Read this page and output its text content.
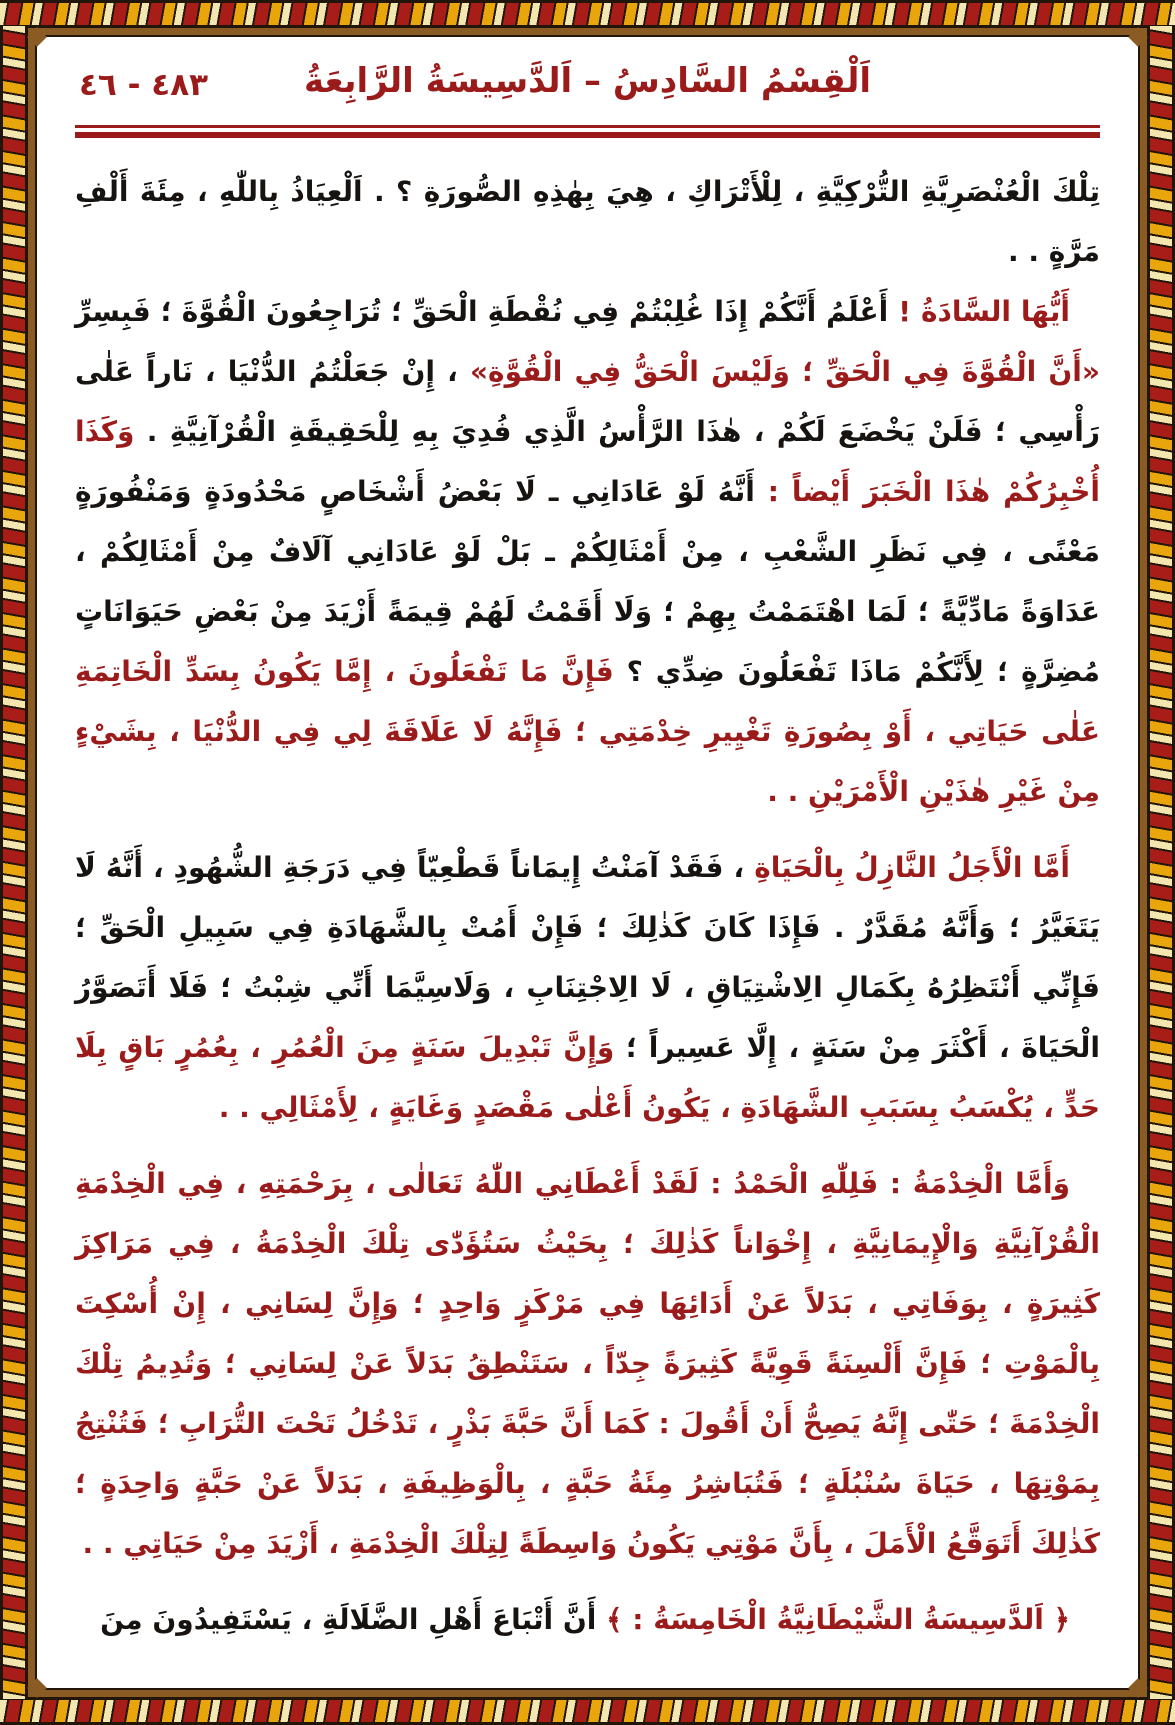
٤٨٣ - ٤٦	اَلْقِسْمُ السَّادِسُ – اَلدَّسِيسَةُ الرَّابِعَةُ

تِلْكَ الْعُنْصَرِيَّةِ التُّرْكِيَّةِ ، لِلْأَتْرَاكِ ، هِيَ بِهٰذِهِ الصُّورَةِ ؟ . اَلْعِيَاذُ بِاللّٰهِ ، مِئَةَ أَلْفِ مَرَّةٍ . .

أَيُّهَا السَّادَةُ ! أَعْلَمُ أَنَّكُمْ إِذَا غُلِبْتُمْ فِي نُقْطَةِ الْحَقِّ ؛ تُرَاجِعُونَ الْقُوَّةَ ؛ فَبِسِرِّ «أَنَّ الْقُوَّةَ فِي الْحَقِّ ؛ وَلَيْسَ الْحَقُّ فِي الْقُوَّةِ» ، إِنْ جَعَلْتُمُ الدُّنْيَا ، نَاراً عَلٰى رَأْسِي ؛ فَلَنْ يَخْضَعَ لَكُمْ ، هٰذَا الرَّأْسُ الَّذِي فُدِيَ بِهِ لِلْحَقِيقَةِ الْقُرْآنِيَّةِ . وَكَذَا أُخْبِرُكُمْ هٰذَا الْخَبَرَ أَيْضاً : أَنَّهُ لَوْ عَادَانِي ـ لَا بَعْضُ أَشْخَاصٍ مَحْدُودَةٍ وَمَنْفُورَةٍ مَعْنًى ، فِي نَظَرِ الشَّعْبِ ، مِنْ أَمْثَالِكُمْ ـ بَلْ لَوْ عَادَانِي آلَافٌ مِنْ أَمْثَالِكُمْ ، عَدَاوَةً مَادِّيَّةً ؛ لَمَا اهْتَمَمْتُ بِهِمْ ؛ وَلَا أَقَمْتُ لَهُمْ قِيمَةً أَزْيَدَ مِنْ بَعْضِ حَيَوَانَاتٍ مُضِرَّةٍ ؛ لِأَنَّكُمْ مَاذَا تَفْعَلُونَ ضِدِّي ؟ فَإِنَّ مَا تَفْعَلُونَ ، إِمَّا يَكُونُ بِسَدِّ الْخَاتِمَةِ عَلٰى حَيَاتِي ، أَوْ بِصُورَةِ تَغْيِيرِ خِدْمَتِي ؛ فَإِنَّهُ لَا عَلَاقَةَ لِي فِي الدُّنْيَا ، بِشَيْءٍ مِنْ غَيْرِ هٰذَيْنِ الْأَمْرَيْنِ . .

أَمَّا الْأَجَلُ النَّازِلُ بِالْحَيَاةِ ، فَقَدْ آمَنْتُ إِيمَاناً قَطْعِيّاً فِي دَرَجَةِ الشُّهُودِ ، أَنَّهُ لَا يَتَغَيَّرُ ؛ وَأَنَّهُ مُقَدَّرٌ . فَإِذَا كَانَ كَذٰلِكَ ؛ فَإِنْ أَمُتْ بِالشَّهَادَةِ فِي سَبِيلِ الْحَقِّ ؛ فَإِنِّي أَنْتَظِرُهُ بِكَمَالِ الِاشْتِيَاقِ ، لَا الِاجْتِنَابِ ، وَلَاسِيَّمَا أَنِّي شِبْتُ ؛ فَلَا أَتَصَوَّرُ الْحَيَاةَ ، أَكْثَرَ مِنْ سَنَةٍ ، إِلَّا عَسِيراً ؛ وَإِنَّ تَبْدِيلَ سَنَةٍ مِنَ الْعُمُرِ ، بِعُمُرٍ بَاقٍ بِلَا حَدٍّ ، يُكْسَبُ بِسَبَبِ الشَّهَادَةِ ، يَكُونُ أَعْلٰى مَقْصَدٍ وَغَايَةٍ ، لِأَمْثَالِي . .

وَأَمَّا الْخِدْمَةُ : فَلِلّٰهِ الْحَمْدُ : لَقَدْ أَعْطَانِي اللّٰهُ تَعَالٰى ، بِرَحْمَتِهِ ، فِي الْخِدْمَةِ الْقُرْآنِيَّةِ وَالْإِيمَانِيَّةِ ، إِخْوَاناً كَذٰلِكَ ؛ بِحَيْثُ سَتُؤَدّٰى تِلْكَ الْخِدْمَةُ ، فِي مَرَاكِزَ كَثِيرَةٍ ، بِوَفَاتِي ، بَدَلاً عَنْ أَدَائِهَا فِي مَرْكَزٍ وَاحِدٍ ؛ وَإِنَّ لِسَانِي ، إِنْ أُسْكِتَ بِالْمَوْتِ ؛ فَإِنَّ أَلْسِنَةً قَوِيَّةً كَثِيرَةً جِدّاً ، سَتَنْطِقُ بَدَلاً عَنْ لِسَانِي ؛ وَتُدِيمُ تِلْكَ الْخِدْمَةَ ؛ حَتّٰى إِنَّهُ يَصِحُّ أَنْ أَقُولَ : كَمَا أَنَّ حَبَّةَ بَذْرٍ ، تَدْخُلُ تَحْتَ التُّرَابِ ؛ فَتُنْتِجُ بِمَوْتِهَا ، حَيَاةَ سُنْبُلَةٍ ؛ فَتُبَاشِرُ مِئَةُ حَبَّةٍ ، بِالْوَظِيفَةِ ، بَدَلاً عَنْ حَبَّةٍ وَاحِدَةٍ ؛ كَذٰلِكَ أَتَوَقَّعُ الْأَمَلَ ، بِأَنَّ مَوْتِي يَكُونُ وَاسِطَةً لِتِلْكَ الْخِدْمَةِ ، أَزْيَدَ مِنْ حَيَاتِي . .

﴿ اَلدَّسِيسَةُ الشَّيْطَانِيَّةُ الْخَامِسَةُ : ﴾ أَنَّ أَتْبَاعَ أَهْلِ الضَّلَالَةِ ، يَسْتَفِيدُونَ مِنَ
